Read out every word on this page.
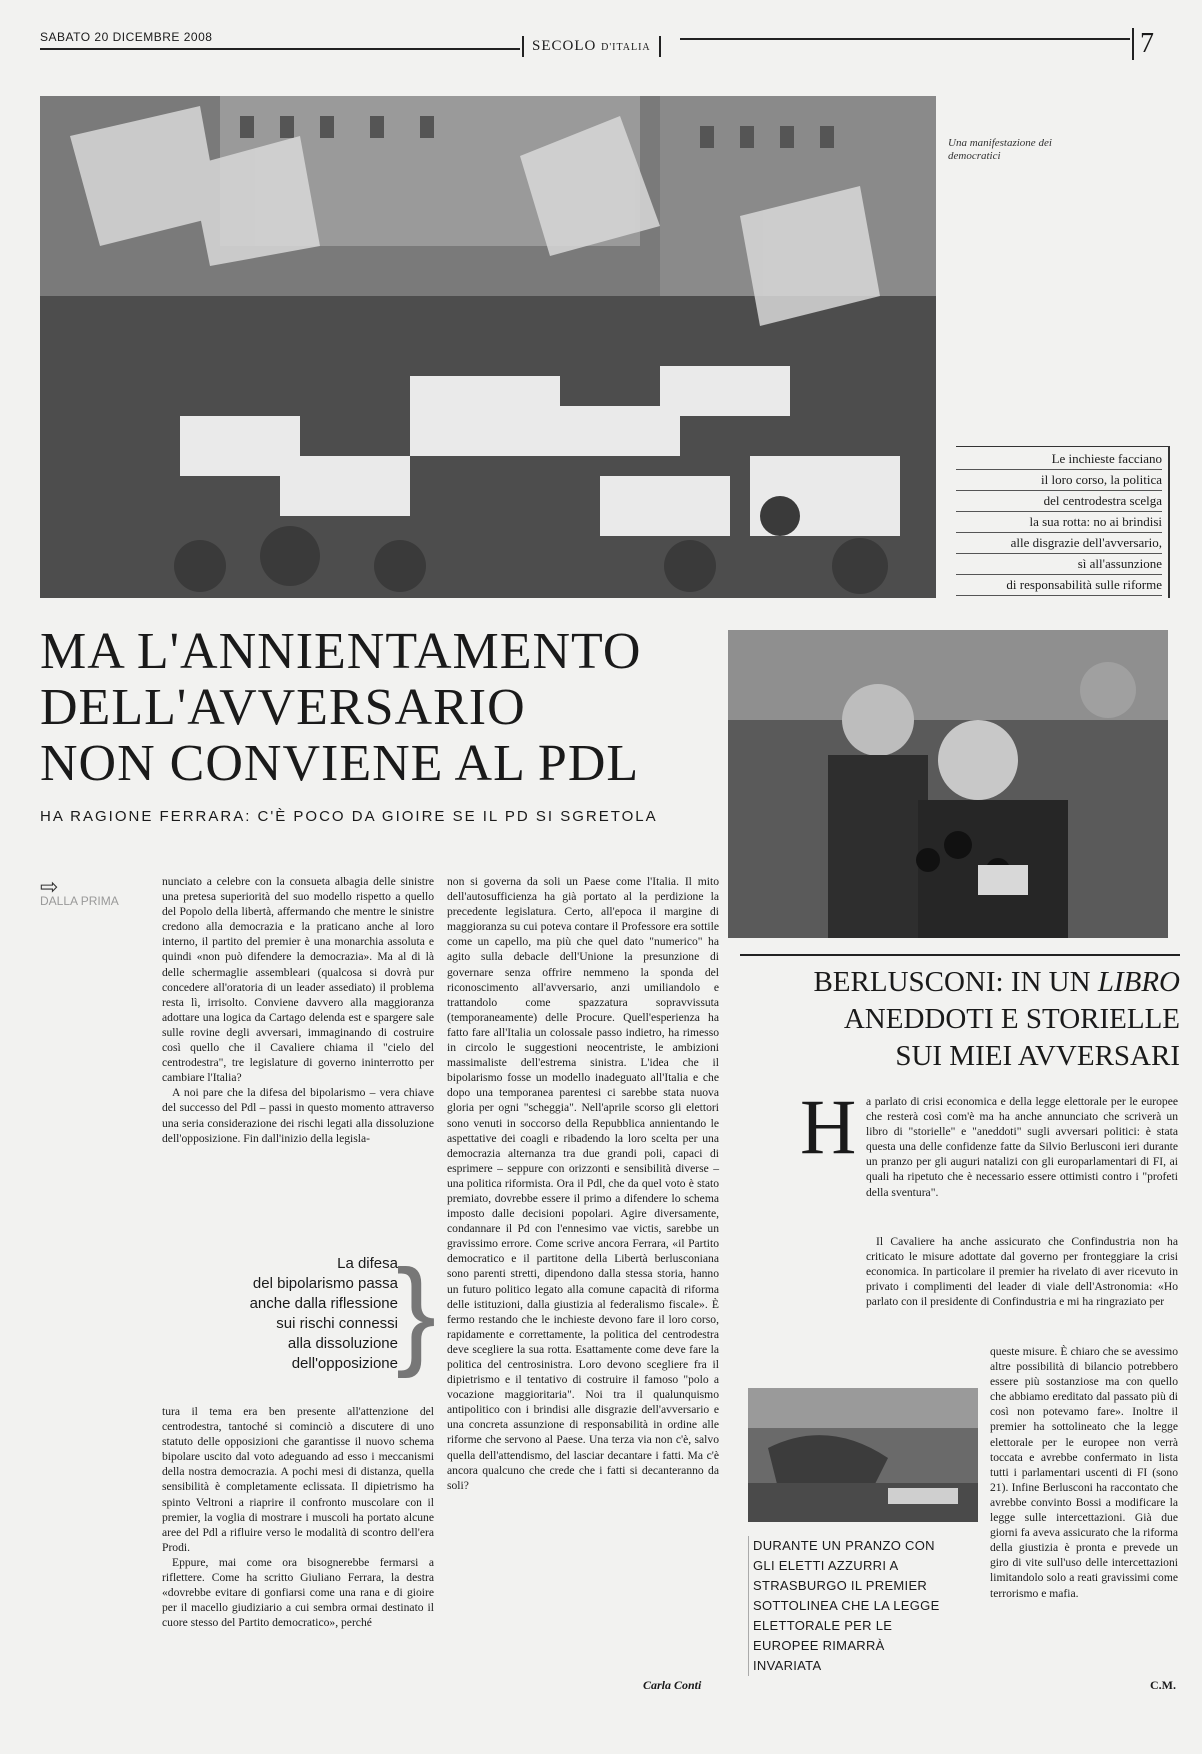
SABATO 20 DICEMBRE 2008
SECOLO D'ITALIA	7
Una manifestazione dei democratici
Le inchieste facciano
il loro corso, la politica
del centrodestra scelga
la sua rotta: no ai brindisi
alle disgrazie dell'avversario,
sì all'assunzione
di responsabilità sulle riforme
MA L'ANNIENTAMENTO
DELL'AVVERSARIO
NON CONVIENE AL PDL
HA RAGIONE FERRARA: C'È POCO DA GIOIRE SE IL PD SI SGRETOLA
⇨
DALLA PRIMA

nunciato a celebre con la consueta albagia delle sinistre una pretesa superiorità del suo modello rispetto a quello del Popolo della libertà, affermando che mentre le sinistre credono alla democrazia e la praticano anche al loro interno, il partito del premier è una monarchia assoluta e quindi «non può difendere la democrazia». Ma al di là delle schermaglie assembleari (qualcosa si dovrà pur concedere all'oratoria di un leader assediato) il problema resta lì, irrisolto. Conviene davvero alla maggioranza adottare una logica da Cartago delenda est e spargere sale sulle rovine degli avversari, immaginando di costruire così quello che il Cavaliere chiama il "cielo del centrodestra", tre legislature di governo ininterrotto per cambiare l'Italia?

A noi pare che la difesa del bipolarismo – vera chiave del successo del Pdl – passi in questo momento attraverso una seria considerazione dei rischi legati alla dissoluzione dell'opposizione. Fin dall'inizio della legisla-

La difesa
del bipolarismo passa
anche dalla riflessione
sui rischi connessi
alla dissoluzione
dell'opposizione
}

tura il tema era ben presente all'attenzione del centrodestra, tantoché si cominciò a discutere di uno statuto delle opposizioni che garantisse il nuovo schema bipolare uscito dal voto adeguando ad esso i meccanismi della nostra democrazia. A pochi mesi di distanza, quella sensibilità è completamente eclissata. Il dipietrismo ha spinto Veltroni a riaprire il confronto muscolare con il premier, la voglia di mostrare i muscoli ha portato alcune aree del Pdl a rifluire verso le modalità di scontro dell'era Prodi.

Eppure, mai come ora bisognerebbe fermarsi a riflettere. Come ha scritto Giuliano Ferrara, la destra «dovrebbe evitare di gonfiarsi come una rana e di gioire per il macello giudiziario a cui sembra ormai destinato il cuore stesso del Partito democratico», perché

non si governa da soli un Paese come l'Italia. Il mito dell'autosufficienza ha già portato al la perdizione la precedente legislatura. Certo, all'epoca il margine di maggioranza su cui poteva contare il Professore era sottile come un capello, ma più che quel dato "numerico" ha agito sulla debacle dell'Unione la presunzione di governare senza offrire nemmeno la sponda del riconoscimento all'avversario, anzi umiliandolo e trattandolo come spazzatura sopravvissuta (temporaneamente) delle Procure. Quell'esperienza ha fatto fare all'Italia un colossale passo indietro, ha rimesso in circolo le suggestioni neocentriste, le ambizioni massimaliste dell'estrema sinistra. L'idea che il bipolarismo fosse un modello inadeguato all'Italia e che dopo una temporanea parentesi ci sarebbe stata nuova gloria per ogni "scheggia". Nell'aprile scorso gli elettori sono venuti in soccorso della Repubblica annientando le aspettative dei coagli e ribadendo la loro scelta per una democrazia alternanza tra due grandi poli, capaci di esprimere – seppure con orizzonti e sensibilità diverse – una politica riformista. Ora il Pdl, che da quel voto è stato premiato, dovrebbe essere il primo a difendere lo schema imposto dalle decisioni popolari. Agire diversamente, condannare il Pd con l'ennesimo vae victis, sarebbe un gravissimo errore. Come scrive ancora Ferrara, «il Partito democratico e il partitone della Libertà berlusconiana sono parenti stretti, dipendono dalla stessa storia, hanno un futuro politico legato alla comune capacità di riforma delle istituzioni, dalla giustizia al federalismo fiscale». È fermo restando che le inchieste devono fare il loro corso, rapidamente e correttamente, la politica del centrodestra deve scegliere la sua rotta. Esattamente come deve fare la politica del centrosinistra. Loro devono scegliere fra il dipietrismo e il tentativo di costruire il famoso "polo a vocazione maggioritaria". Noi tra il qualunquismo antipolitico con i brindisi alle disgrazie dell'avversario e una concreta assunzione di responsabilità in ordine alle riforme che servono al Paese. Una terza via non c'è, salvo quella dell'attendismo, del lasciar decantare i fatti. Ma c'è ancora qualcuno che crede che i fatti si decanteranno da soli?

Carla Conti
BERLUSCONI: IN UN LIBRO
ANEDDOTI E STORIELLE
SUI MIEI AVVERSARI
H a parlato di crisi economica e della legge elettorale per le europee che resterà così com'è ma ha anche annunciato che scriverà un libro di "storielle" e "aneddoti" sugli avversari politici: è stata questa una delle confidenze fatte da Silvio Berlusconi ieri durante un pranzo per gli auguri natalizi con gli europarlamentari di FI, ai quali ha ripetuto che è necessario essere ottimisti contro i "profeti della sventura".

Il Cavaliere ha anche assicurato che Confindustria non ha criticato le misure adottate dal governo per fronteggiare la crisi economica. In particolare il premier ha rivelato di aver ricevuto in privato i complimenti del leader di viale dell'Astronomia: «Ho parlato con il presidente di Confindustria e mi ha ringraziato per

queste misure. È chiaro che se avessimo altre possibilità di bilancio potrebbero essere più sostanziose ma con quello che abbiamo ereditato dal passato più di così non potevamo fare». Inoltre il premier ha sottolineato che la legge elettorale per le europee non verrà toccata e avrebbe confermato in lista tutti i parlamentari uscenti di FI (sono 21). Infine Berlusconi ha raccontato che avrebbe convinto Bossi a modificare la legge sulle intercettazioni. Già due giorni fa aveva assicurato che la riforma della giustizia è pronta e prevede un giro di vite sull'uso delle intercettazioni limitandolo solo a reati gravissimi come terrorismo e mafia.

C.M.
DURANTE UN PRANZO CON GLI ELETTI AZZURRI A STRASBURGO IL PREMIER SOTTOLINEA CHE LA LEGGE ELETTORALE PER LE EUROPEE RIMARRÀ INVARIATA
